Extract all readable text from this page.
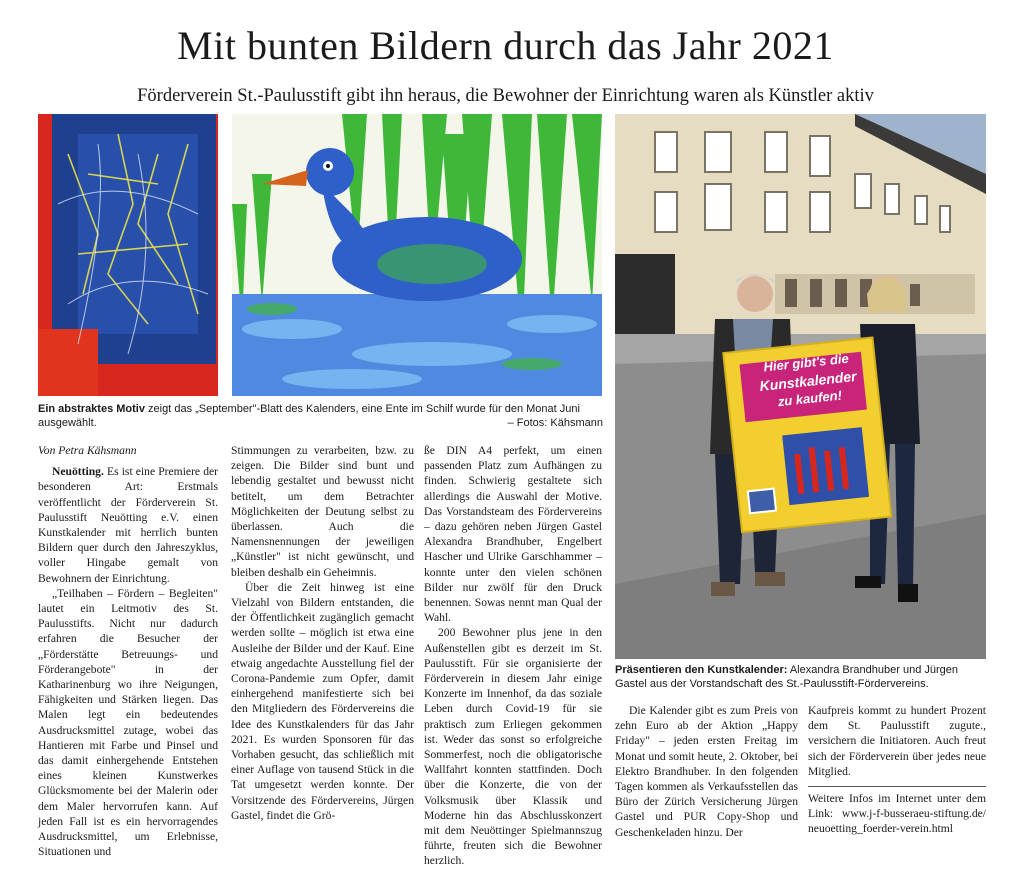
Mit bunten Bildern durch das Jahr 2021
Förderverein St.-Paulusstift gibt ihn heraus, die Bewohner der Einrichtung waren als Künstler aktiv
Hier gibt's die
Kunstkalender
zu kaufen!
Ein abstraktes Motiv zeigt das „September"-Blatt des Kalenders, eine Ente im Schilf wurde für den Monat Juni ausgewählt.	– Fotos: Kähsmann
Präsentieren den Kunstkalender: Alexandra Brandhuber und Jürgen Gastel aus der Vorstandschaft des St.-Paulusstift-Fördervereins.

Von Petra Kähsmann

Neuötting. Es ist eine Premiere der besonderen Art: Erstmals veröffentlicht der Förderverein St. Paulusstift Neuötting e.V. einen Kunstkalender mit herrlich bunten Bildern quer durch den Jahreszyklus, voller Hingabe gemalt von Bewohnern der Einrichtung.

„Teilhaben – Fördern – Begleiten" lautet ein Leitmotiv des St. Paulusstifts. Nicht nur dadurch erfahren die Besucher der „Förderstätte Betreuungs- und Förderangebote" in der Katharinenburg wo ihre Neigungen, Fähigkeiten und Stärken liegen. Das Malen legt ein bedeutendes Ausdrucksmittel zutage, wobei das Hantieren mit Farbe und Pinsel und das damit einhergehende Entstehen eines kleinen Kunstwerkes Glücksmomente bei der Malerin oder dem Maler hervorrufen kann. Auf jeden Fall ist es ein hervorragendes Ausdrucksmittel, um Erlebnisse, Situationen und

Stimmungen zu verarbeiten, bzw. zu zeigen. Die Bilder sind bunt und lebendig gestaltet und bewusst nicht betitelt, um dem Betrachter Möglichkeiten der Deutung selbst zu überlassen. Auch die Namensnennungen der jeweiligen „Künstler" ist nicht gewünscht, und bleiben deshalb ein Geheimnis.

Über die Zeit hinweg ist eine Vielzahl von Bildern entstanden, die der Öffentlichkeit zugänglich gemacht werden sollte – möglich ist etwa eine Ausleihe der Bilder und der Kauf. Eine etwaig angedachte Ausstellung fiel der Corona-Pandemie zum Opfer, damit einhergehend manifestierte sich bei den Mitgliedern des Fördervereins die Idee des Kunstkalenders für das Jahr 2021. Es wurden Sponsoren für das Vorhaben gesucht, das schließlich mit einer Auflage von tausend Stück in die Tat umgesetzt werden konnte. Der Vorsitzende des Fördervereins, Jürgen Gastel, findet die Grö-

ße DIN A4 perfekt, um einen passenden Platz zum Aufhängen zu finden. Schwierig gestaltete sich allerdings die Auswahl der Motive. Das Vorstandsteam des Fördervereins – dazu gehören neben Jürgen Gastel Alexandra Brandhuber, Engelbert Hascher und Ulrike Garschhammer – konnte unter den vielen schönen Bilder nur zwölf für den Druck benennen. Sowas nennt man Qual der Wahl.

200 Bewohner plus jene in den Außenstellen gibt es derzeit im St. Paulusstift. Für sie organisierte der Förderverein in diesem Jahr einige Konzerte im Innenhof, da das soziale Leben durch Covid-19 für sie praktisch zum Erliegen gekommen ist. Weder das sonst so erfolgreiche Sommerfest, noch die obligatorische Wallfahrt konnten stattfinden. Doch über die Konzerte, die von der Volksmusik über Klassik und Moderne hin das Abschlusskonzert mit dem Neuöttinger Spielmannszug führte, freuten sich die Bewohner herzlich.

Die Kalender gibt es zum Preis von zehn Euro ab der Aktion „Happy Friday" – jeden ersten Freitag im Monat und somit heute, 2. Oktober, bei Elektro Brandhuber. In den folgenden Tagen kommen als Verkaufsstellen das Büro der Zürich Versicherung Jürgen Gastel und PUR Copy-Shop und Geschenkeladen hinzu. Der

Kaufpreis kommt zu hundert Prozent dem St. Paulusstift zugute., versichern die Initiatoren. Auch freut sich der Förderverein über jedes neue Mitglied.

Weitere Infos im Internet unter dem Link: www.j-f-busseraeu-stiftung.de/ neuoetting_foerder-verein.html
